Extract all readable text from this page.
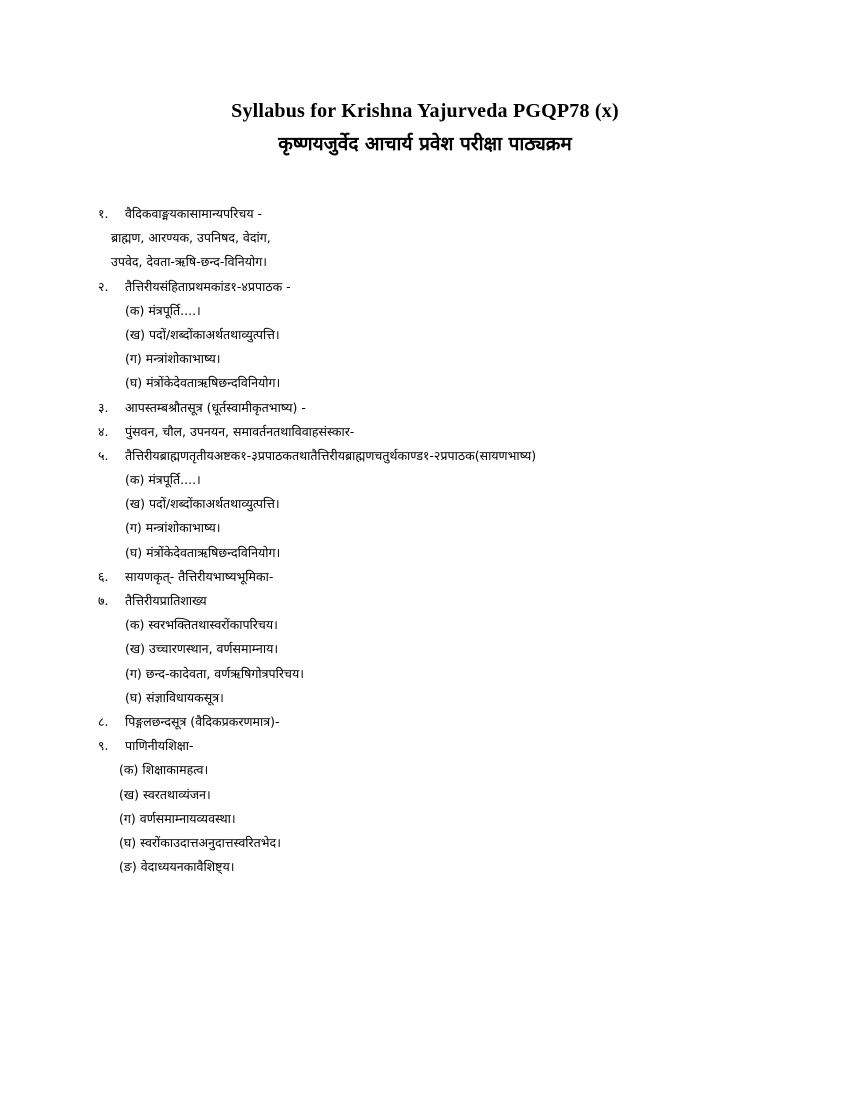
Syllabus for Krishna Yajurveda PGQP78 (x)
कृष्णयजुर्वेद आचार्य प्रवेश परीक्षा पाठ्यक्रम
१. वैदिकवाङ्मयकासामान्यपरिचय -
ब्राह्मण, आरण्यक, उपनिषद, वेदांग,
उपवेद, देवता-ऋषि-छन्द-विनियोग।
२. तैत्तिरीयसंहिताप्रथमकांड१-४प्रपाठक -
(क) मंत्रपूर्ति....।
(ख) पदों/शब्दोंकाअर्थतथाव्युत्पत्ति।
(ग) मन्त्रांशोकाभाष्य।
(घ) मंत्रोंकेदेवताऋषिछन्दविनियोग।
३. आपस्तम्बश्रौतसूत्र (धूर्तस्वामीकृतभाष्य) -
४. पुंसवन, चौल, उपनयन, समावर्तनतथाविवाहसंस्कार-
५. तैत्तिरीयब्राह्मणतृतीयअष्टक१-३प्रपाठकतथातैत्तिरीयब्राह्मणचतुर्थकाण्ड१-२प्रपाठक(सायणभाष्य)
(क) मंत्रपूर्ति....।
(ख) पदों/शब्दोंकाअर्थतथाव्युत्पत्ति।
(ग) मन्त्रांशोकाभाष्य।
(घ) मंत्रोंकेदेवताऋषिछन्दविनियोग।
६. सायणकृत्- तैत्तिरीयभाष्यभूमिका-
७. तैत्तिरीयप्रातिशाख्य
(क) स्वरभक्तितथास्वरोंकापरिचय।
(ख) उच्चारणस्थान, वर्णसमाम्नाय।
(ग) छन्द-कादेवता, वर्णऋषिगोत्रपरिचय।
(घ) संज्ञाविधायकसूत्र।
८. पिङ्गलछन्दसूत्र (वैदिकप्रकरणमात्र)-
९. पाणिनीयशिक्षा-
(क) शिक्षाकामहत्व।
(ख) स्वरतथाव्यंजन।
(ग) वर्णसमाम्नायव्यवस्था।
(घ) स्वरोंकाउदात्तअनुदात्तस्वरितभेद।
(ङ) वेदाध्ययनकावैशिष्ट्य।
